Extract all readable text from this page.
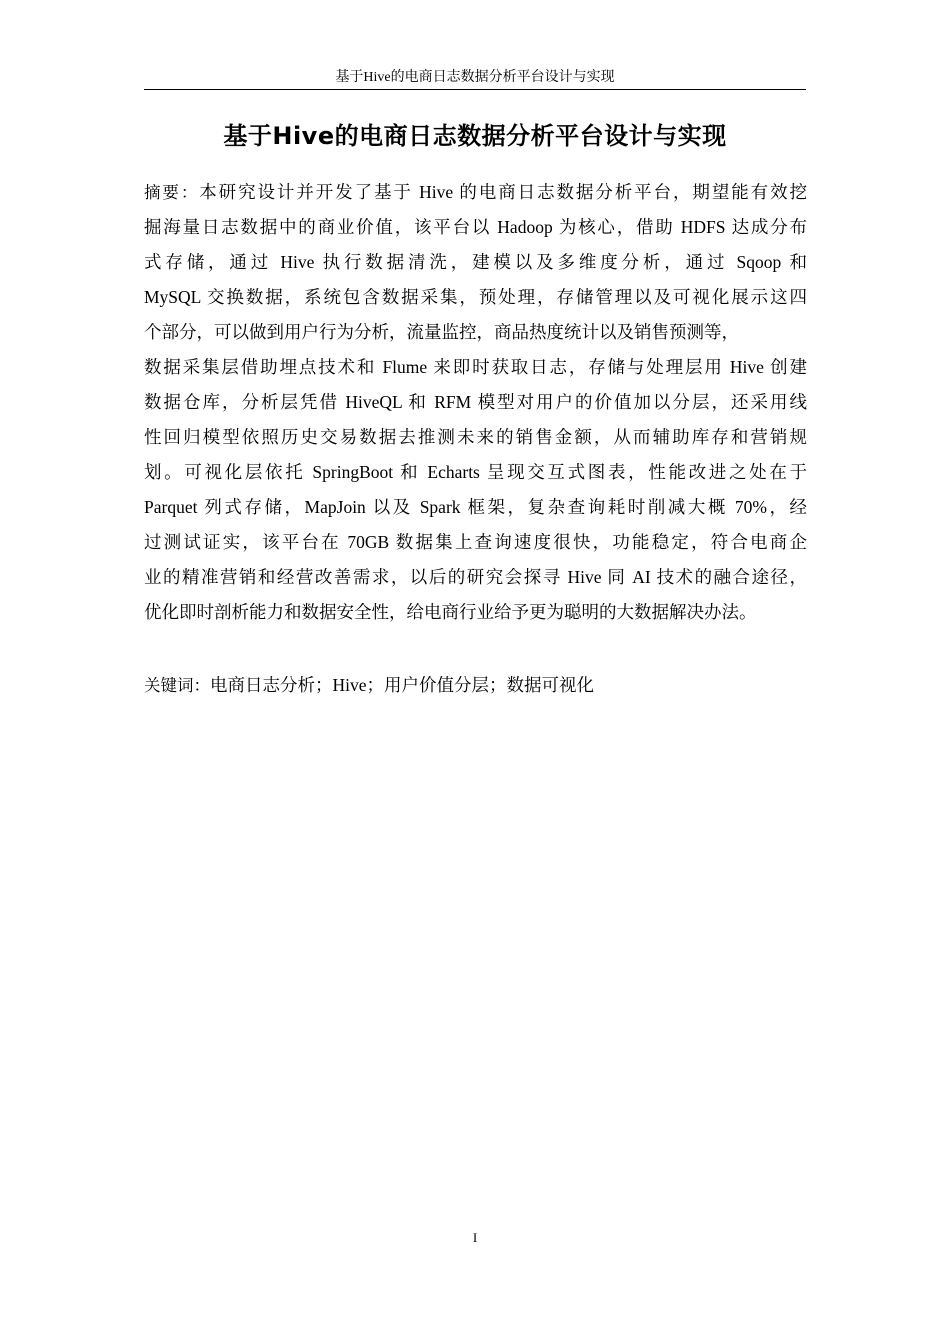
基于Hive的电商日志数据分析平台设计与实现
基于Hive的电商日志数据分析平台设计与实现
摘要：本研究设计并开发了基于 Hive 的电商日志数据分析平台，期望能有效挖
掘海量日志数据中的商业价值，该平台以 Hadoop 为核心，借助 HDFS 达成分布
式存储，通过 Hive 执行数据清洗，建模以及多维度分析，通过 Sqoop 和
MySQL 交换数据，系统包含数据采集，预处理，存储管理以及可视化展示这四
个部分，可以做到用户行为分析，流量监控，商品热度统计以及销售预测等，
数据采集层借助埋点技术和 Flume 来即时获取日志，存储与处理层用 Hive 创建
数据仓库，分析层凭借 HiveQL 和 RFM 模型对用户的价值加以分层，还采用线
性回归模型依照历史交易数据去推测未来的销售金额，从而辅助库存和营销规
划。可视化层依托 SpringBoot 和 Echarts 呈现交互式图表，性能改进之处在于
Parquet 列式存储，MapJoin 以及 Spark 框架，复杂查询耗时削减大概 70%，经
过测试证实，该平台在 70GB 数据集上查询速度很快，功能稳定，符合电商企
业的精准营销和经营改善需求，以后的研究会探寻 Hive 同 AI 技术的融合途径，
优化即时剖析能力和数据安全性，给电商行业给予更为聪明的大数据解决办法。
关键词：电商日志分析；Hive；用户价值分层；数据可视化
I
